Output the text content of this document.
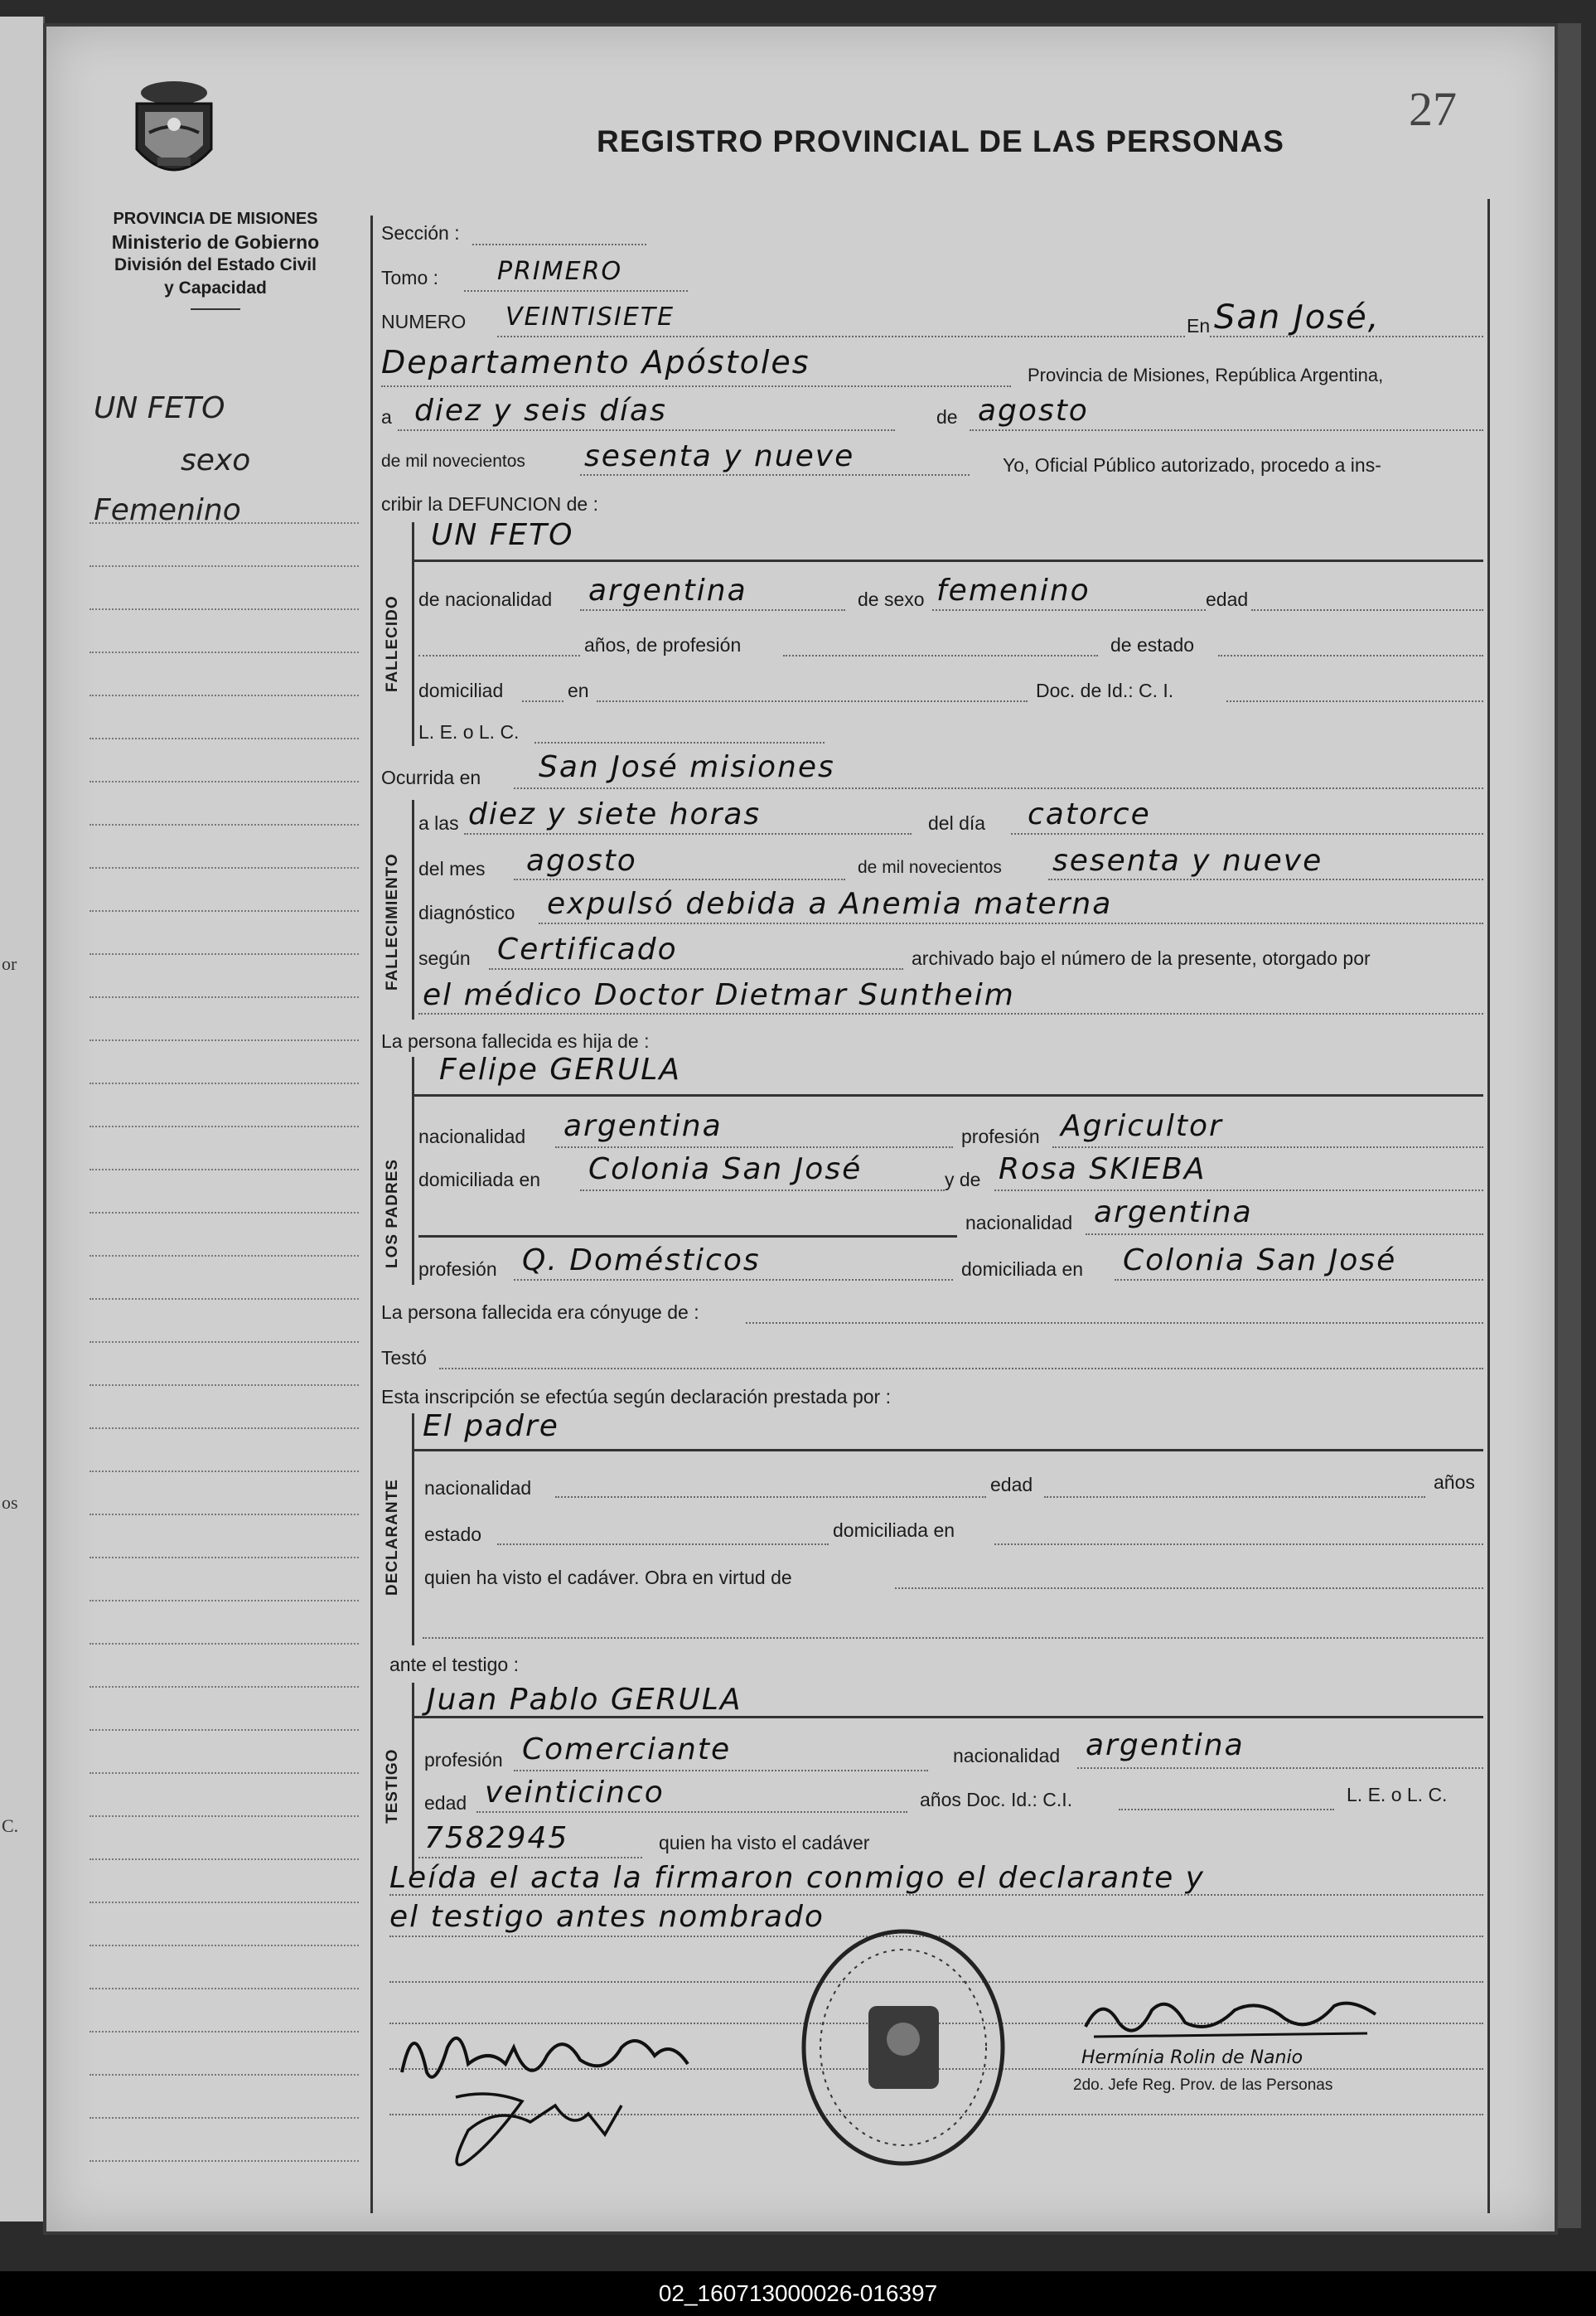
or
os
C.
PROVINCIA DE MISIONES
Ministerio de Gobierno
División del Estado Civil
y Capacidad
27
REGISTRO PROVINCIAL DE LAS PERSONAS
UN FETO
sexo
Femenino
Sección :
Tomo : PRIMERO
NUMERO VEINTISIETE	En San José,
Departamento Apóstoles	Provincia de Misiones, República Argentina,
a diez y seis días	de agosto
de mil novecientos sesenta y nueve	Yo, Oficial Público autorizado, procedo a ins-
cribir la DEFUNCION de :
FALLECIDO
UN FETO
de nacionalidad argentina	de sexo femenino	edad
años, de profesión	de estado
domiciliad	en	Doc. de Id.: C. I.
L. E. o L. C.
Ocurrida en San José misiones
FALLECIMIENTO
a las diez y siete horas	del día catorce
del mes agosto	de mil novecientos sesenta y nueve
diagnóstico expulsó debida a Anemia materna
según Certificado	archivado bajo el número de la presente, otorgado por
el médico Doctor Dietmar Suntheim
La persona fallecida es hija de :
LOS PADRES
Felipe GERULA
nacionalidad argentina	profesión Agricultor
domiciliada en Colonia San José	y de Rosa SKIEBA
nacionalidad argentina
profesión Q. Domésticos	domiciliada en Colonia San José
La persona fallecida era cónyuge de :
Testó
Esta inscripción se efectúa según declaración prestada por :
DECLARANTE
El padre
nacionalidad	edad	años
estado	domiciliada en
quien ha visto el cadáver. Obra en virtud de
ante el testigo :
TESTIGO
Juan Pablo GERULA
profesión Comerciante	nacionalidad argentina
edad veinticinco	años Doc. Id.: C.I.	L. E. o L. C.
7582945	quien ha visto el cadáver
Leída el acta la firmaron conmigo el declarante y
el testigo antes nombrado
Hermínia Rolin de Nanio
2do. Jefe Reg. Prov. de las Personas
02_160713000026-016397
